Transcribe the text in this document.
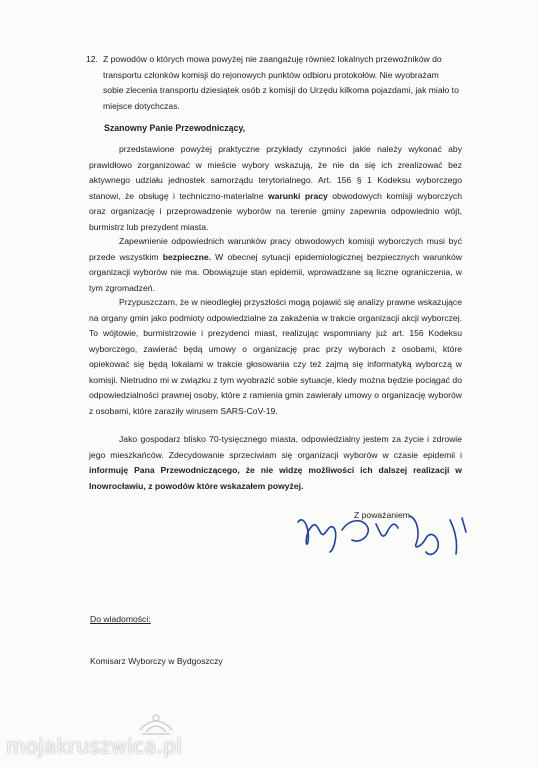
12. Z powodów o których mowa powyżej nie zaangażuję również lokalnych przewoźników do transportu członków komisji do rejonowych punktów odbioru protokołów. Nie wyobrażam sobie zlecenia transportu dziesiątek osób z komisji do Urzędu kilkoma pojazdami, jak miało to miejsce dotychczas.

Szanowny Panie Przewodniczący,

przedstawione powyżej praktyczne przykłady czynności jakie należy wykonać aby prawidłowo zorganizować w mieście wybory wskazują, że nie da się ich zrealizować bez aktywnego udziału jednostek samorządu terytorialnego. Art. 156 § 1 Kodeksu wyborczego stanowi, że obsługę i techniczno-materialne warunki pracy obwodowych komisji wyborczych oraz organizację i przeprowadzenie wyborów na terenie gminy zapewnia odpowiednio wójt, burmistrz lub prezydent miasta.

Zapewnienie odpowiednich warunków pracy obwodowych komisji wyborczych musi być przede wszystkim bezpieczne. W obecnej sytuacji epidemiologicznej bezpiecznych warunków organizacji wyborów nie ma. Obowiązuje stan epidemii, wprowadzane są liczne ograniczenia, w tym zgromadzeń.

Przypuszczam, że w nieodległej przyszłości mogą pojawić się analizy prawne wskazujące na organy gmin jako podmioty odpowiedzialne za zakażenia w trakcie organizacji akcji wyborczej. To wójtowie, burmistrzowie i prezydenci miast, realizując wspomniany już art. 156 Kodeksu wyborczego, zawierać będą umowy o organizację prac przy wyborach z osobami, które opiekować się będą lokalami w trakcie głosowania czy też zajmą się informatyką wyborczą w komisji. Nietrudno mi w związku z tym wyobrazić sobie sytuacje, kiedy można będzie pociągać do odpowiedzialności prawnej osoby, które z ramienia gmin zawierały umowy o organizację wyborów z osobami, które zaraziły wirusem SARS-CoV-19.

Jako gospodarz blisko 70-tysięcznego miasta, odpowiedzialny jestem za życie i zdrowie jego mieszkańców. Zdecydowanie sprzeciwiam się organizacji wyborów w czasie epidemii i informuję Pana Przewodniczącego, że nie widzę możliwości ich dalszej realizacji w Inowrocławiu, z powodów które wskazałem powyżej.

Z poważaniem
Do wiadomości:
Komisarz Wyborczy w Bydgoszczy
mojakruszwica.pl
